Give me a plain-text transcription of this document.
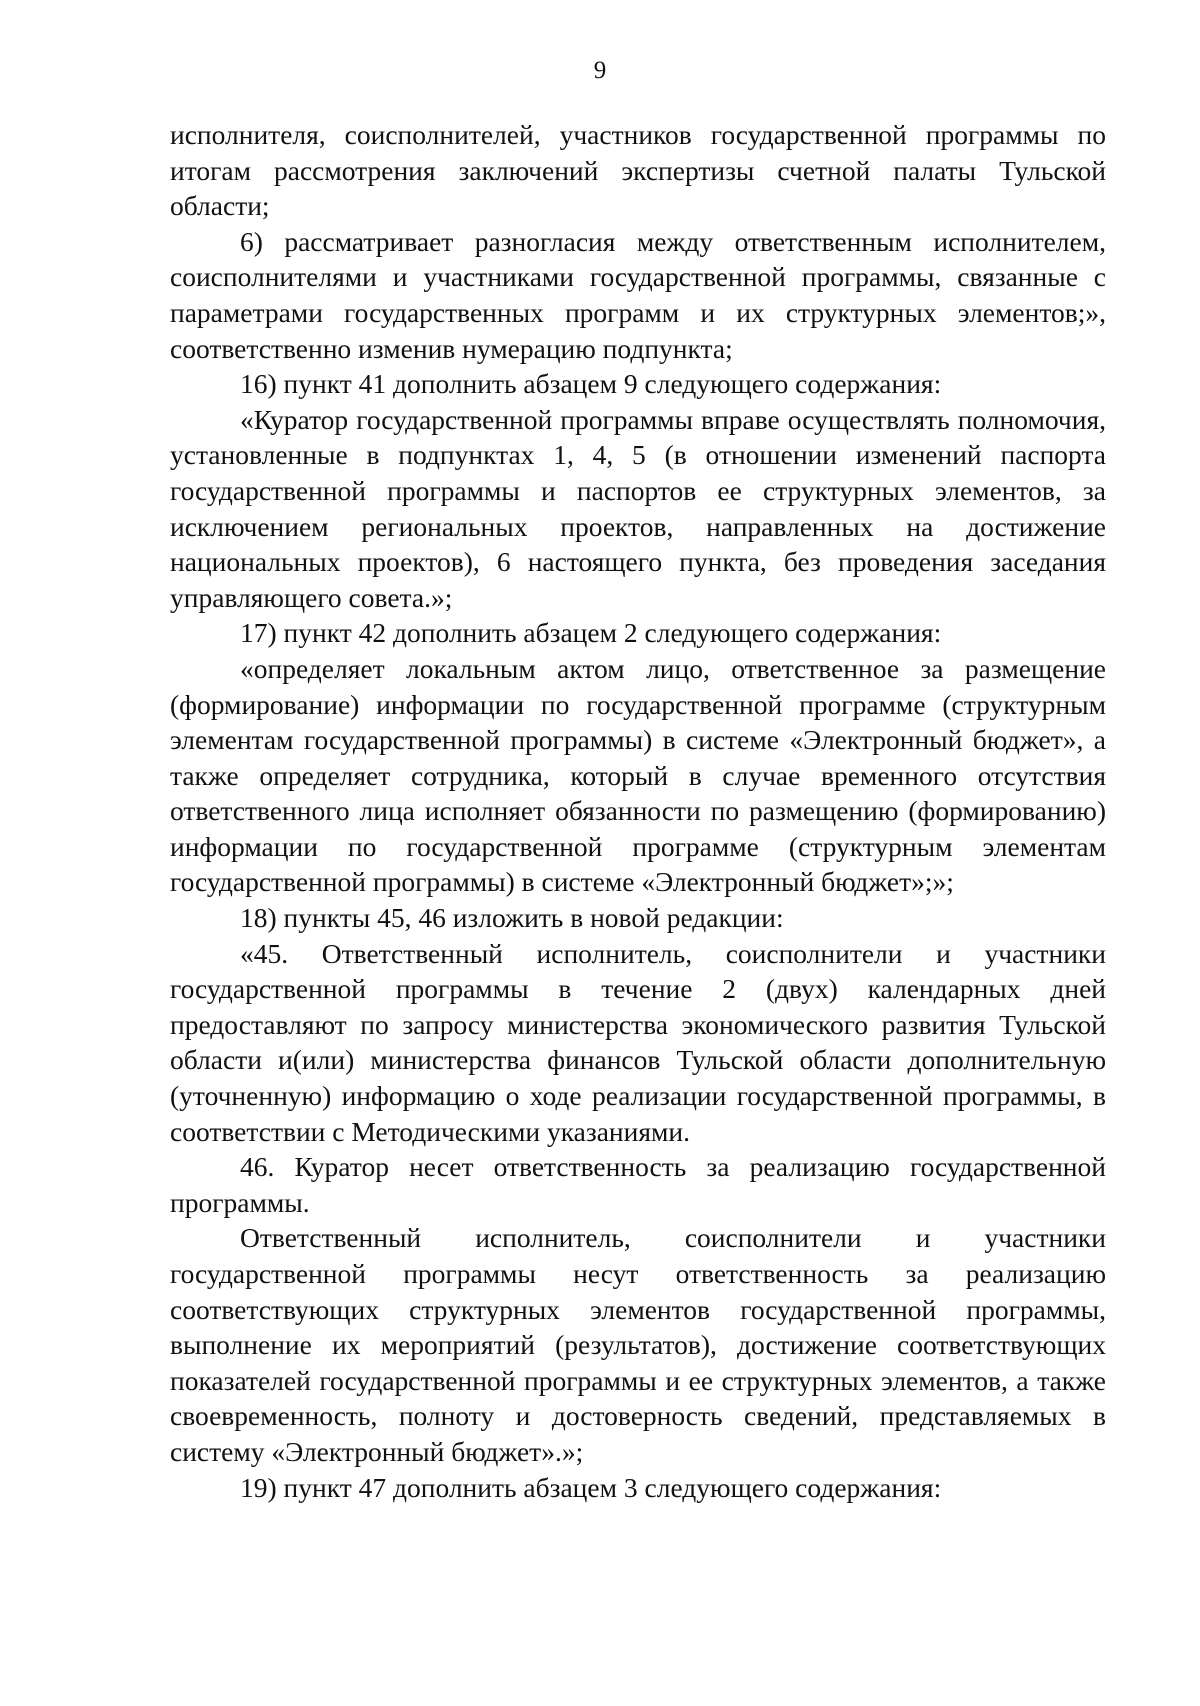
9

исполнителя, соисполнителей, участников государственной программы по итогам рассмотрения заключений экспертизы счетной палаты Тульской области;

6) рассматривает разногласия между ответственным исполнителем, соисполнителями и участниками государственной программы, связанные с параметрами государственных программ и их структурных элементов;», соответственно изменив нумерацию подпункта;

16) пункт 41 дополнить абзацем 9 следующего содержания:

«Куратор государственной программы вправе осуществлять полномочия, установленные в подпунктах 1, 4, 5 (в отношении изменений паспорта государственной программы и паспортов ее структурных элементов, за исключением региональных проектов, направленных на достижение национальных проектов), 6 настоящего пункта, без проведения заседания управляющего совета.»;

17) пункт 42 дополнить абзацем 2 следующего содержания:

«определяет локальным актом лицо, ответственное за размещение (формирование) информации по государственной программе (структурным элементам государственной программы) в системе «Электронный бюджет», а также определяет сотрудника, который в случае временного отсутствия ответственного лица исполняет обязанности по размещению (формированию) информации по государственной программе (структурным элементам государственной программы) в системе «Электронный бюджет»;»;

18) пункты 45, 46 изложить в новой редакции:

«45. Ответственный исполнитель, соисполнители и участники государственной программы в течение 2 (двух) календарных дней предоставляют по запросу министерства экономического развития Тульской области и(или) министерства финансов Тульской области дополнительную (уточненную) информацию о ходе реализации государственной программы, в соответствии с Методическими указаниями.

46. Куратор несет ответственность за реализацию государственной программы.

Ответственный исполнитель, соисполнители и участники государственной программы несут ответственность за реализацию соответствующих структурных элементов государственной программы, выполнение их мероприятий (результатов), достижение соответствующих показателей государственной программы и ее структурных элементов, а также своевременность, полноту и достоверность сведений, представляемых в систему «Электронный бюджет».»;

19) пункт 47 дополнить абзацем 3 следующего содержания:
